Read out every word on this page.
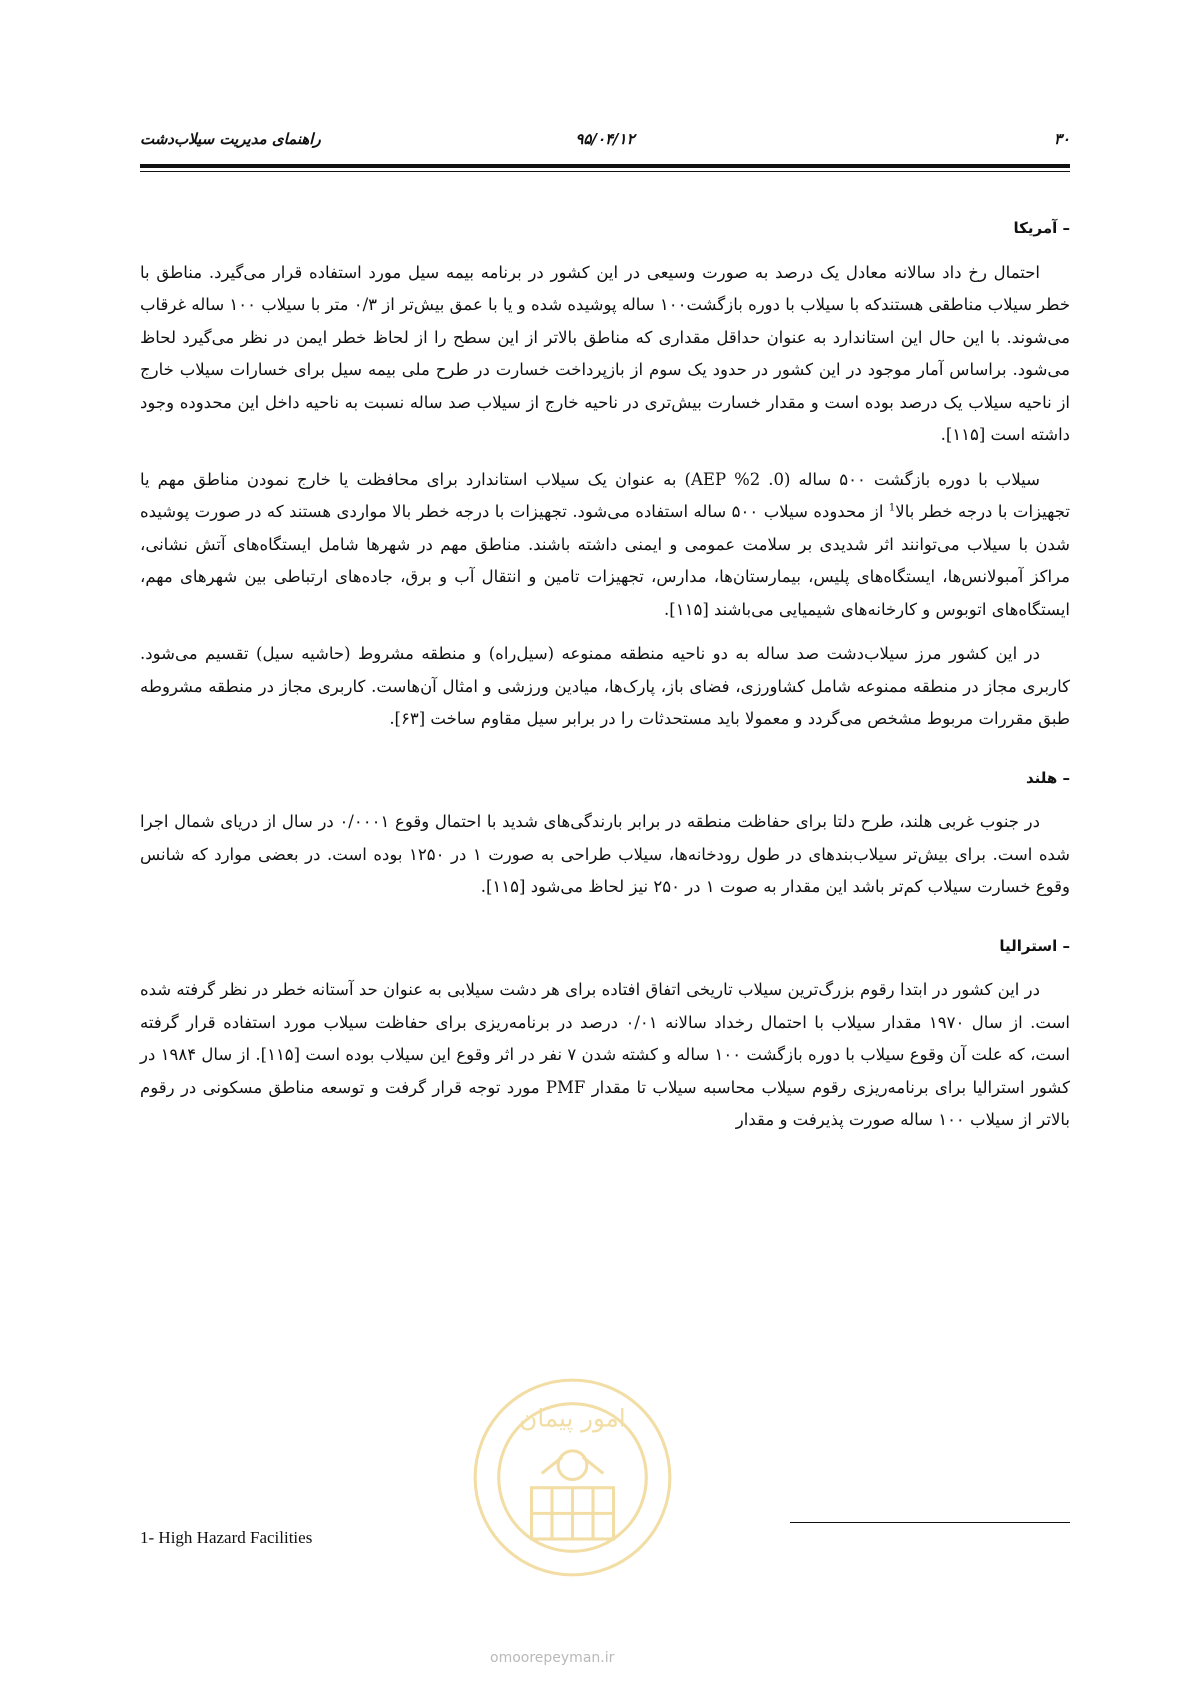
۳۰
۹۵/۰۴/۱۲
راهنمای مدیریت سیلاب‌دشت
– آمریکا

احتمال رخ داد سالانه معادل یک درصد به صورت وسیعی در این کشور در برنامه بیمه سیل مورد استفاده قرار می‌گیرد. مناطق با خطر سیلاب مناطقی هستندکه با سیلاب با دوره بازگشت۱۰۰ ساله پوشیده شده و یا با عمق بیش‌تر از ۰/۳ متر با سیلاب ۱۰۰ ساله غرقاب می‌شوند. با این حال این استاندارد به عنوان حداقل مقداری که مناطق بالاتر از این سطح را از لحاظ خطر ایمن در نظر می‌گیرد لحاظ می‌شود. براساس آمار موجود در این کشور در حدود یک سوم از بازپرداخت خسارت در طرح ملی بیمه سیل برای خسارات سیلاب خارج از ناحیه سیلاب یک درصد بوده است و مقدار خسارت بیش‌تری در ناحیه خارج از سیلاب صد ساله نسبت به ناحیه داخل این محدوده وجود داشته است [۱۱۵].

سیلاب با دوره بازگشت ۵۰۰ ساله (AEP %2 .0) به عنوان یک سیلاب استاندارد برای محافظت یا خارج نمودن مناطق مهم یا تجهیزات با درجه خطر بالا$^1$ از محدوده سیلاب ۵۰۰ ساله استفاده می‌شود. تجهیزات با درجه خطر بالا مواردی هستند که در صورت پوشیده شدن با سیلاب می‌توانند اثر شدیدی بر سلامت عمومی و ایمنی داشته باشند. مناطق مهم در شهرها شامل ایستگاه‌های آتش نشانی، مراکز آمبولانس‌ها، ایستگاه‌های پلیس، بیمارستان‌ها، مدارس، تجهیزات تامین و انتقال آب و برق، جاده‌های ارتباطی بین شهرهای مهم، ایستگاه‌های اتوبوس و کارخانه‌های شیمیایی می‌باشند [۱۱۵].

در این کشور مرز سیلاب‌دشت صد ساله به دو ناحیه منطقه ممنوعه (سیل‌راه) و منطقه مشروط (حاشیه سیل) تقسیم می‌شود. کاربری مجاز در منطقه ممنوعه شامل کشاورزی، فضای باز، پارک‌ها، میادین ورزشی و امثال آن‌هاست. کاربری مجاز در منطقه مشروطه طبق مقررات مربوط مشخص می‌گردد و معمولا باید مستحدثات را در برابر سیل مقاوم ساخت [۶۳].

– هلند

در جنوب غربی هلند، طرح دلتا برای حفاظت منطقه در برابر بارندگی‌های شدید با احتمال وقوع ۰/۰۰۰۱ در سال از دریای شمال اجرا شده است. برای بیش‌تر سیلاب‌بندهای در طول رودخانه‌ها، سیلاب طراحی به صورت ۱ در ۱۲۵۰ بوده است. در بعضی موارد که شانس وقوع خسارت سیلاب کم‌تر باشد این مقدار به صوت ۱ در ۲۵۰ نیز لحاظ می‌شود [۱۱۵].

– استرالیا

در این کشور در ابتدا رقوم بزرگ‌ترین سیلاب تاریخی اتفاق افتاده برای هر دشت سیلابی به عنوان حد آستانه خطر در نظر گرفته شده است. از سال ۱۹۷۰ مقدار سیلاب با احتمال رخداد سالانه ۰/۰۱ درصد در برنامه‌ریزی برای حفاظت سیلاب مورد استفاده قرار گرفته است، که علت آن وقوع سیلاب با دوره بازگشت ۱۰۰ ساله و کشته شدن ۷ نفر در اثر وقوع این سیلاب بوده است [۱۱۵]. از سال ۱۹۸۴ در کشور استرالیا برای برنامه‌ریزی رقوم سیلاب محاسبه سیلاب تا مقدار PMF مورد توجه قرار گرفت و توسعه مناطق مسکونی در رقوم بالاتر از سیلاب ۱۰۰ ساله صورت پذیرفت و مقدار

امور پیمان
1- High Hazard Facilities
omoorepeyman.ir
